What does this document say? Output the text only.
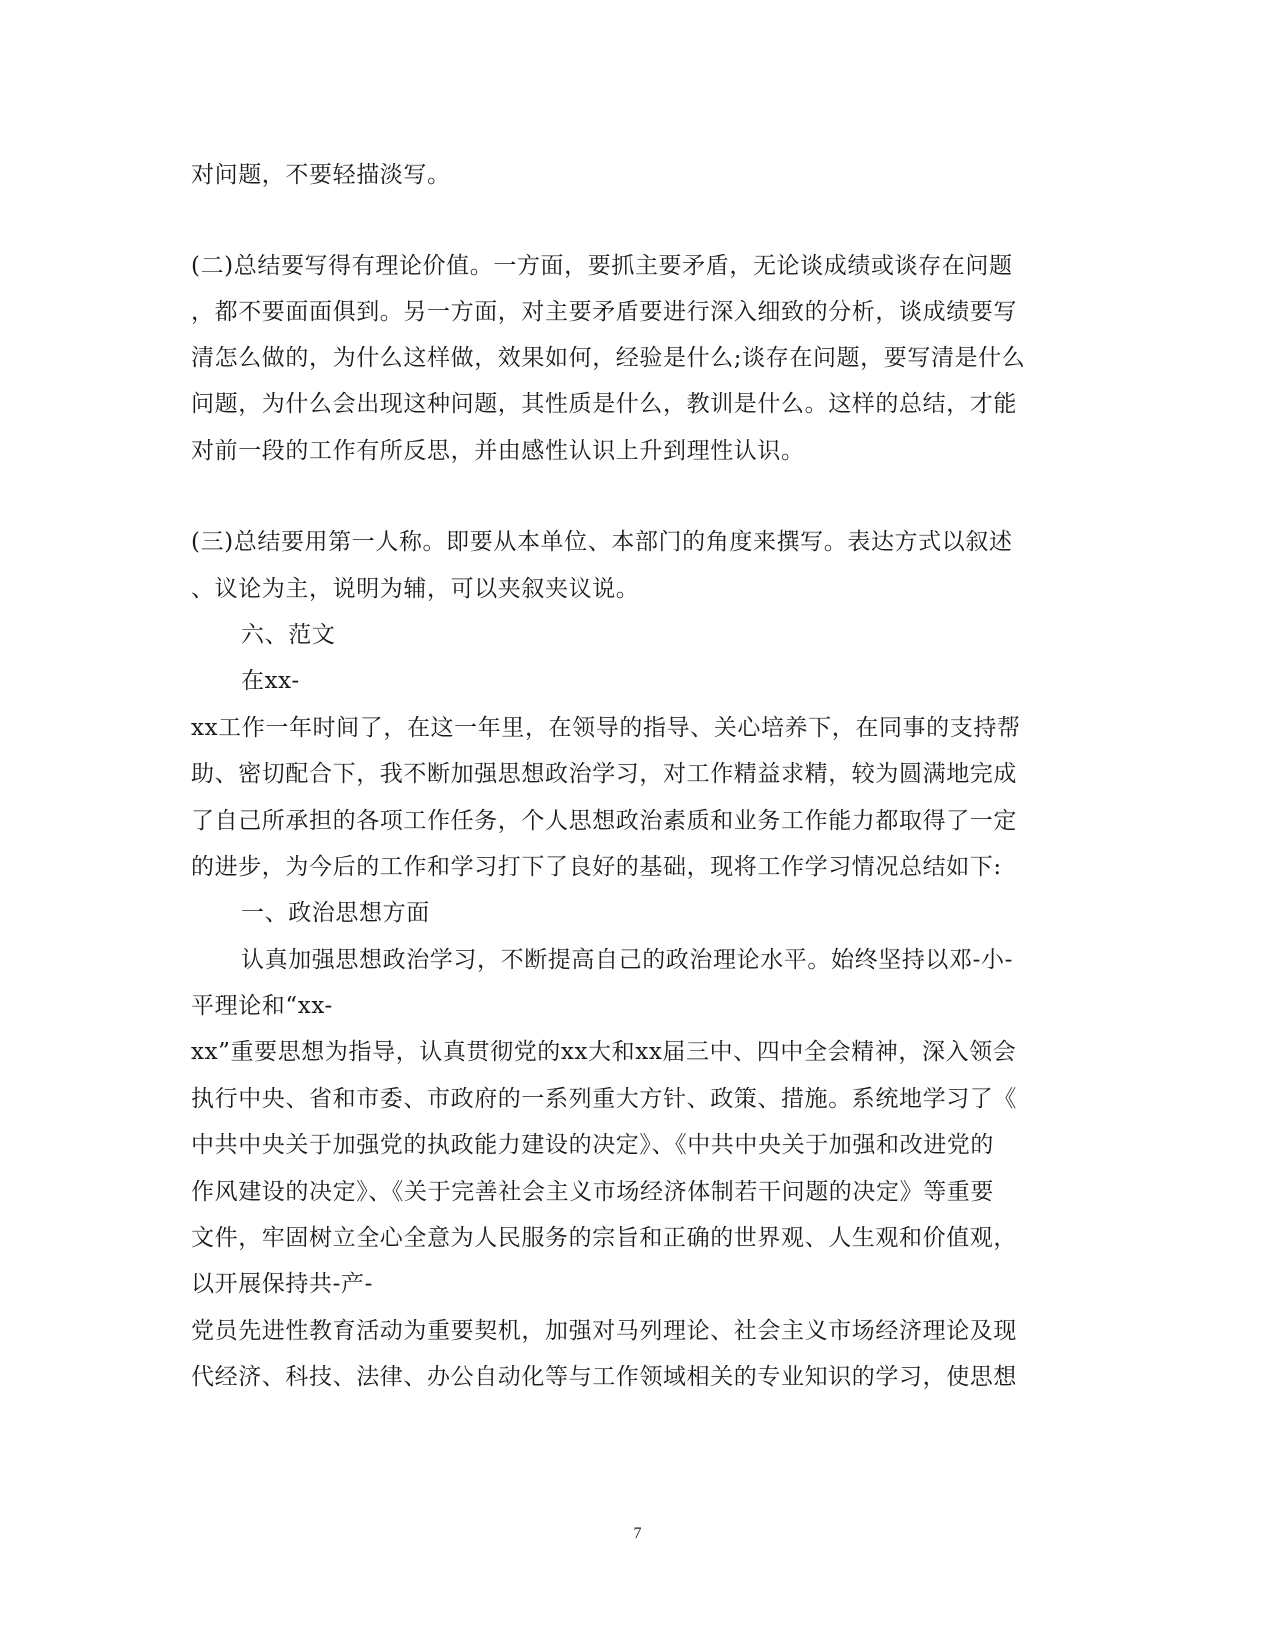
对问题，不要轻描淡写。
(二)总结要写得有理论价值。一方面，要抓主要矛盾，无论谈成绩或谈存在问题
，都不要面面俱到。另一方面，对主要矛盾要进行深入细致的分析，谈成绩要写
清怎么做的，为什么这样做，效果如何，经验是什么;谈存在问题，要写清是什么
问题，为什么会出现这种问题，其性质是什么，教训是什么。这样的总结，才能
对前一段的工作有所反思，并由感性认识上升到理性认识。
(三)总结要用第一人称。即要从本单位、本部门的角度来撰写。表达方式以叙述
、议论为主，说明为辅，可以夹叙夹议说。
六、范文
在xx-
xx工作一年时间了，在这一年里，在领导的指导、关心培养下，在同事的支持帮
助、密切配合下，我不断加强思想政治学习，对工作精益求精，较为圆满地完成
了自己所承担的各项工作任务，个人思想政治素质和业务工作能力都取得了一定
的进步，为今后的工作和学习打下了良好的基础，现将工作学习情况总结如下:
一、政治思想方面
认真加强思想政治学习，不断提高自己的政治理论水平。始终坚持以邓-小-
平理论和“xx-
xx”重要思想为指导，认真贯彻党的xx大和xx届三中、四中全会精神，深入领会
执行中央、省和市委、市政府的一系列重大方针、政策、措施。系统地学习了《
中共中央关于加强党的执政能力建设的决定》、《中共中央关于加强和改进党的
作风建设的决定》、《关于完善社会主义市场经济体制若干问题的决定》等重要
文件，牢固树立全心全意为人民服务的宗旨和正确的世界观、人生观和价值观，
以开展保持共-产-
党员先进性教育活动为重要契机，加强对马列理论、社会主义市场经济理论及现
代经济、科技、法律、办公自动化等与工作领域相关的专业知识的学习，使思想
7
